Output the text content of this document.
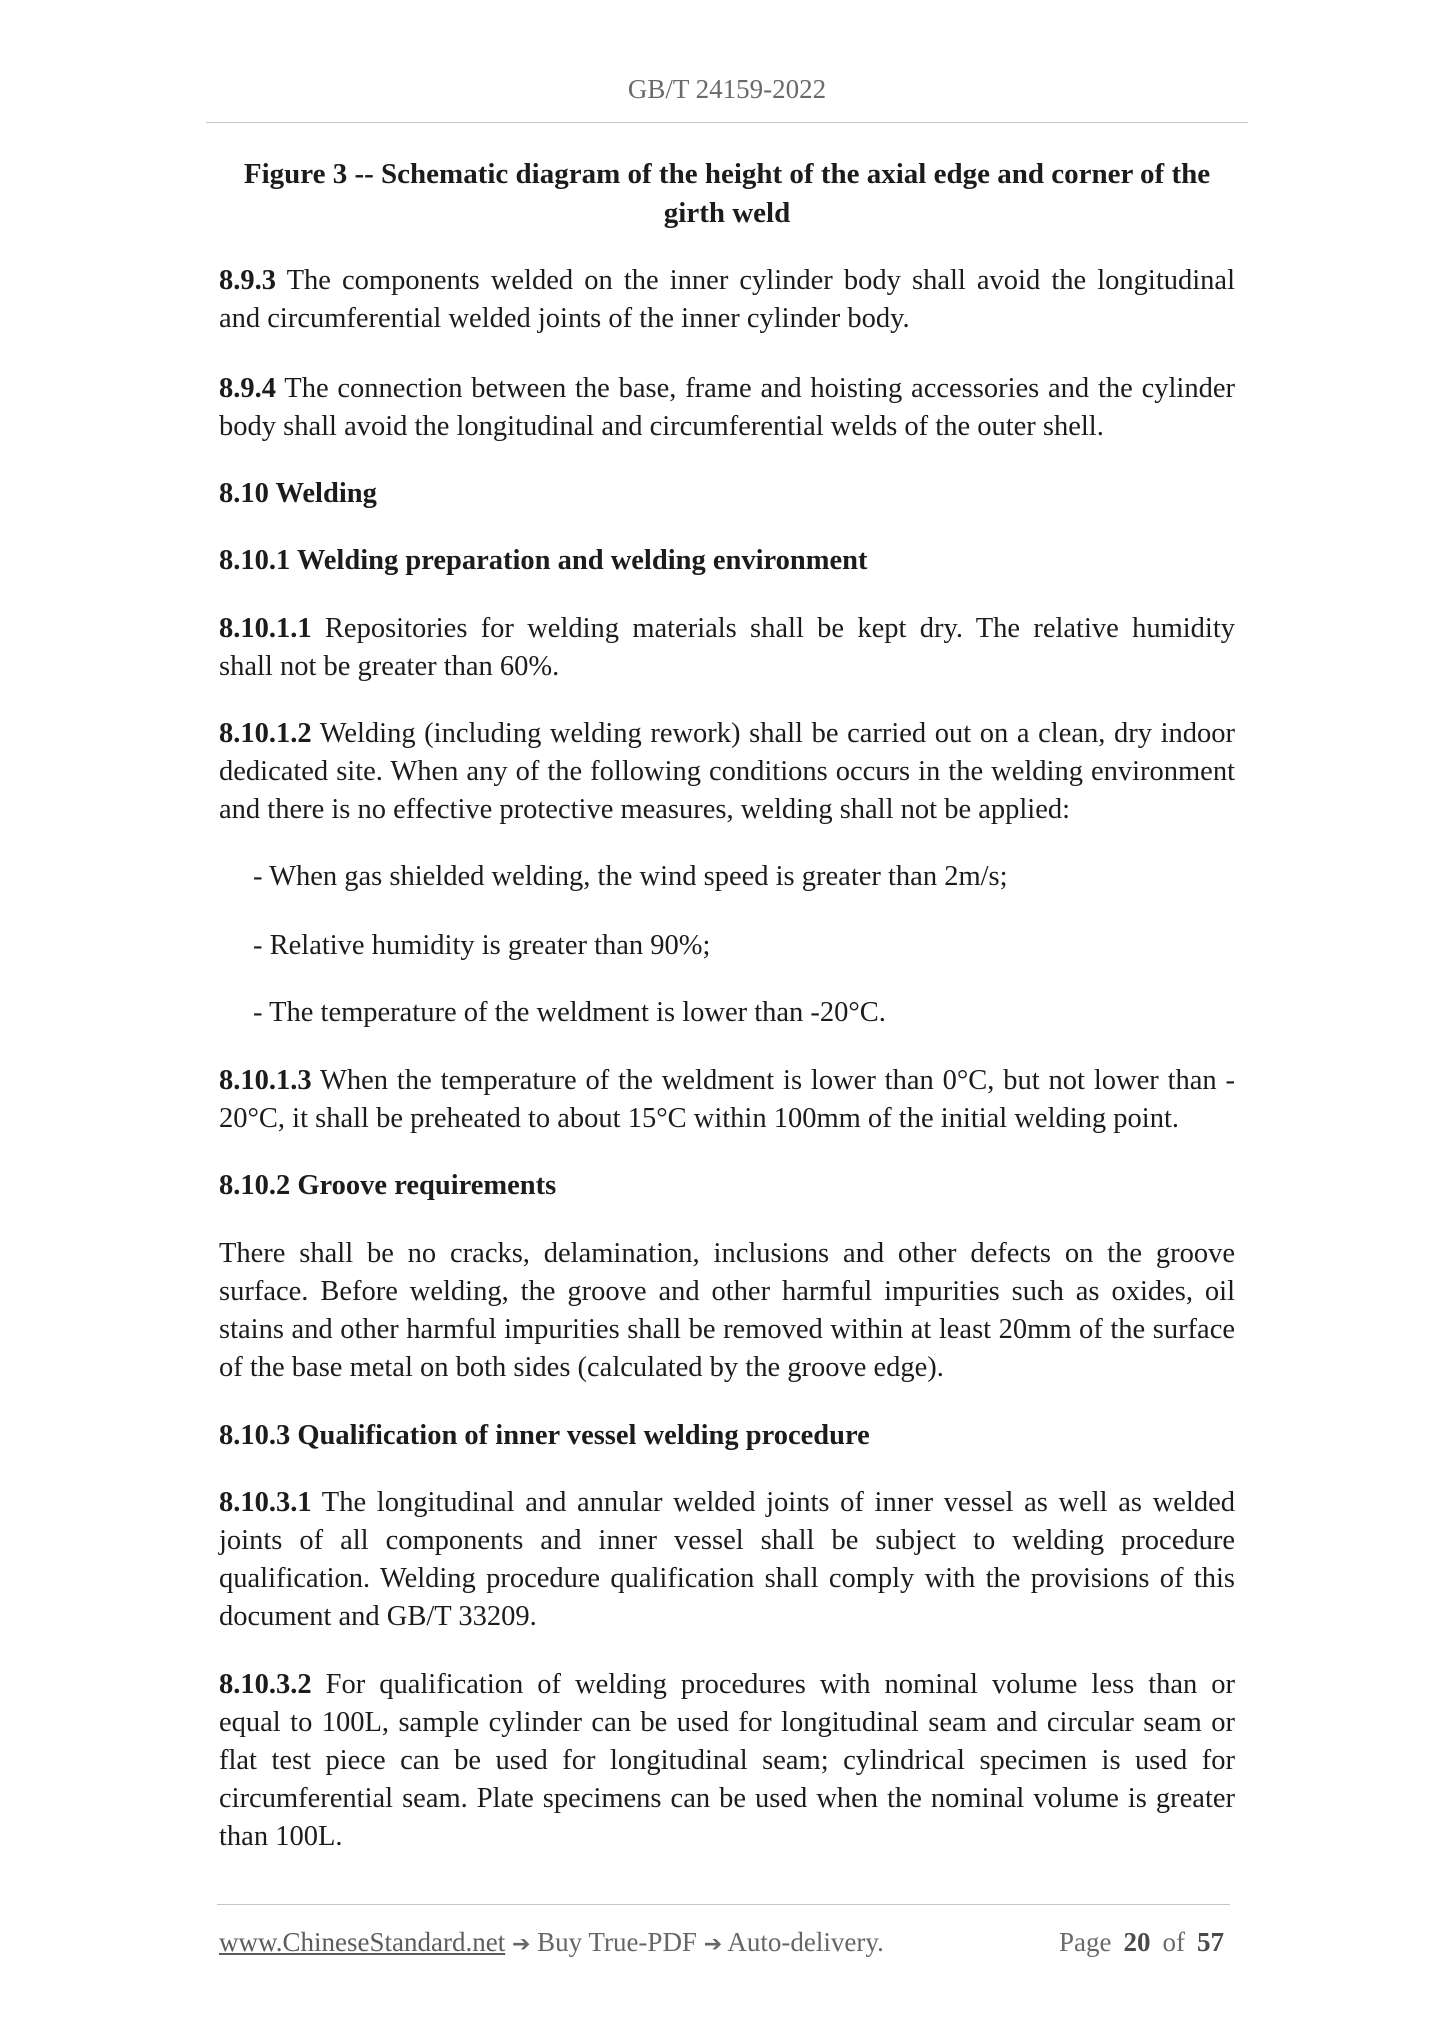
GB/T 24159-2022
Figure 3 -- Schematic diagram of the height of the axial edge and corner of the
girth weld
8.9.3 The components welded on the inner cylinder body shall avoid the longitudinal
and circumferential welded joints of the inner cylinder body.
8.9.4 The connection between the base, frame and hoisting accessories and the cylinder
body shall avoid the longitudinal and circumferential welds of the outer shell.
8.10 Welding
8.10.1 Welding preparation and welding environment
8.10.1.1 Repositories for welding materials shall be kept dry. The relative humidity
shall not be greater than 60%.
8.10.1.2 Welding (including welding rework) shall be carried out on a clean, dry indoor
dedicated site. When any of the following conditions occurs in the welding environment
and there is no effective protective measures, welding shall not be applied:
- When gas shielded welding, the wind speed is greater than 2m/s;
- Relative humidity is greater than 90%;
- The temperature of the weldment is lower than -20°C.
8.10.1.3 When the temperature of the weldment is lower than 0°C, but not lower than -
20°C, it shall be preheated to about 15°C within 100mm of the initial welding point.
8.10.2 Groove requirements
There shall be no cracks, delamination, inclusions and other defects on the groove
surface. Before welding, the groove and other harmful impurities such as oxides, oil
stains and other harmful impurities shall be removed within at least 20mm of the surface
of the base metal on both sides (calculated by the groove edge).
8.10.3 Qualification of inner vessel welding procedure
8.10.3.1 The longitudinal and annular welded joints of inner vessel as well as welded
joints of all components and inner vessel shall be subject to welding procedure
qualification. Welding procedure qualification shall comply with the provisions of this
document and GB/T 33209.
8.10.3.2 For qualification of welding procedures with nominal volume less than or
equal to 100L, sample cylinder can be used for longitudinal seam and circular seam or
flat test piece can be used for longitudinal seam; cylindrical specimen is used for
circumferential seam. Plate specimens can be used when the nominal volume is greater
than 100L.
www.ChineseStandard.net ➔ Buy True-PDF ➔ Auto-delivery.	Page 20 of 57
